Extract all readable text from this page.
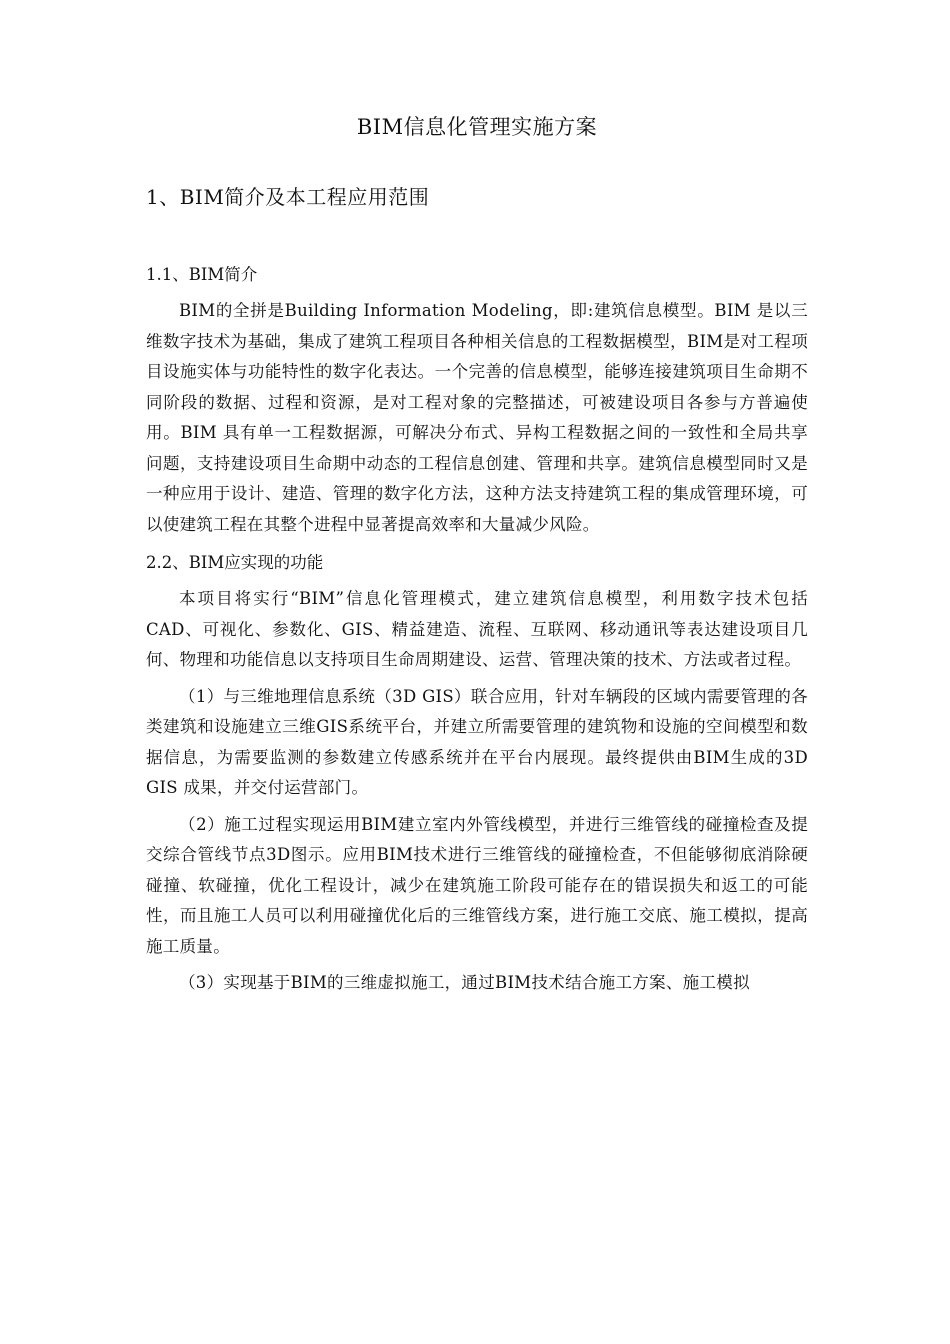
BIM信息化管理实施方案
1、BIM简介及本工程应用范围
1.1、BIM简介

BIM的全拼是Building Information Modeling，即:建筑信息模型。BIM 是以三维数字技术为基础，集成了建筑工程项目各种相关信息的工程数据模型，BIM是对工程项目设施实体与功能特性的数字化表达。一个完善的信息模型，能够连接建筑项目生命期不同阶段的数据、过程和资源，是对工程对象的完整描述，可被建设项目各参与方普遍使用。BIM 具有单一工程数据源，可解决分布式、异构工程数据之间的一致性和全局共享问题，支持建设项目生命期中动态的工程信息创建、管理和共享。建筑信息模型同时又是一种应用于设计、建造、管理的数字化方法，这种方法支持建筑工程的集成管理环境，可以使建筑工程在其整个进程中显著提高效率和大量减少风险。

2.2、BIM应实现的功能

本项目将实行“BIM”信息化管理模式，建立建筑信息模型，利用数字技术包括CAD、可视化、参数化、GIS、精益建造、流程、互联网、移动通讯等表达建设项目几何、物理和功能信息以支持项目生命周期建设、运营、管理决策的技术、方法或者过程。

（1）与三维地理信息系统（3D GIS）联合应用，针对车辆段的区域内需要管理的各类建筑和设施建立三维GIS系统平台，并建立所需要管理的建筑物和设施的空间模型和数据信息，为需要监测的参数建立传感系统并在平台内展现。最终提供由BIM生成的3D GIS 成果，并交付运营部门。

（2）施工过程实现运用BIM建立室内外管线模型，并进行三维管线的碰撞检查及提交综合管线节点3D图示。应用BIM技术进行三维管线的碰撞检查，不但能够彻底消除硬碰撞、软碰撞，优化工程设计，减少在建筑施工阶段可能存在的错误损失和返工的可能性，而且施工人员可以利用碰撞优化后的三维管线方案，进行施工交底、施工模拟，提高施工质量。

（3）实现基于BIM的三维虚拟施工，通过BIM技术结合施工方案、施工模拟
